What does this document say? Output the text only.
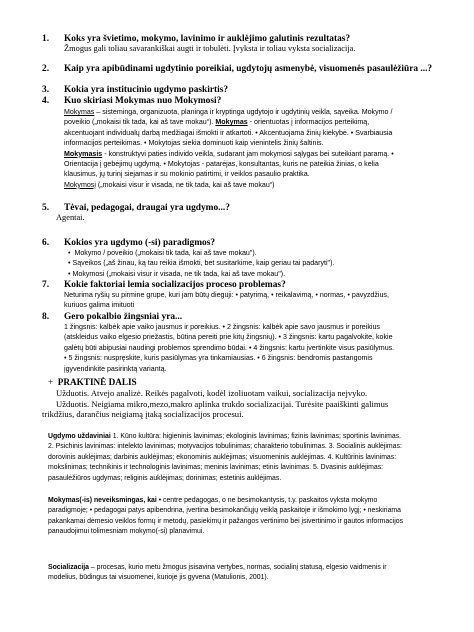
1. Koks yra švietimo, mokymo, lavinimo ir auklėjimo galutinis rezultatas?
Žmogus gali toliau savarankiškai augti ir tobulėti. Įvyksta ir toliau vyksta socializacija.
2. Kaip yra apibūdinami ugdytinio poreikiai, ugdytojų asmenybė, visuomenės pasaulėžiūra ...?
3. Kokia yra institucinio ugdymo paskirtis?
4. Kuo skiriasi Mokymas nuo Mokymosi?
Mokymas – sisteminga, organizuota, planinga ir kryptinga ugdytojo ir ugdytinių veikla, sąveika. Mokymo /
poveikio („mokaisi tik tada, kai aš tave mokau“). Mokymas - orientuotas į informacijos perteikimą,
akcentuojant individualų darbą medžiagai išmokti ir atkartoti. • Akcentuojama žinių kiekybė. • Svarbiausia
informacijos perteikimas. • Mokytojas siekia dominuoti kaip vienintelis žinių šaltinis.
Mokymasis - konstruktyvi paties individo veikla, sudarant jam mokymosi sąlygas bei suteikiant paramą. •
Orientacija į gebėjimų ugdymą. • Mokytojas - patarėjas, konsultantas, kuris ne pateikia žinias, o kelia
klausimus, jų turinį siejamas ir su mokinio patirtimi, ir veiklos pasaulio praktika.
Mokymosį („mokaisi visur ir visada, ne tik tada, kai aš tave mokau“)
5. Tėvai, pedagogai, draugai yra ugdymo...?
Agentai.
6. Kokios yra ugdymo (-si) paradigmos?
•  Mokymo / poveikio („mokaisi tik tada, kai aš tave mokau").
• Sąveikos („aš žinau, ką tau reikia išmokti, bet susitarkime, kaip geriau tai padaryti").
• Mokymosi („mokaisi visur ir visada, ne tik tada, kai aš tave mokau").
7. Kokie faktoriai lemia socializacijos proceso problemas?
Neturima ryšių su pirmine grupe, kuri jam būtų dieguji: • patyrimą, • reikalavimą, • normas, • pavyzdžius,
kuriuos galima imituoti
8. Gero pokalbio žingsniai yra...
1 žingsnis: kalbėk apie vaiko jausmus ir poreikius. • 2 žingsnis: kalbėk apie savo jausmus ir poreikius
(atskleidus vaiko elgesio priežastis, būtina pereiti prie kitų žingsnių). • 3 žingsnis: kartu pagalvokite, kokie
galėtų būti abipusiai naudingi problemos sprendimo būdai. • 4 žingsnis: kartu įvertinkite visus pasiūlymus.
• 5 žingsnis: nuspręskite, kuris pasiūlymas yra tinkamiausias. • 6 žingsnis: bendromis pastangomis
įgyvendinkite pasirinktą variantą.
+ PRAKTINĖ DALIS
Užduotis. Atvejo analizė. Reikės pagalvoti, kodėl izoliuotam vaikui, socializacija nejvyko.
Užduotis. Neigiama mikro,mezo,makro aplinka trukdo socializacijai. Turėsite paaiškinti galimus
trikdžius, darančius neigiamą įtaką socializacijos procesui.
Ugdymo uždaviniai 1. Kūno kultūra: higieninis lavinimas; ekologinis lavinimas; fizinis lavinimas; sportinis lavinimas.
2. Psichinis lavinimas: intelekto lavinimas; motyvacijos tobulinimas; charakterio tobulinimas. 3. Socialinis auklėjimas:
dorovinis auklėjimas; darbinis auklėjimas; ekonominis auklėjimas; visuomeninis auklėjimas. 4. Kultūrinis lavinimas:
mokslinimas; technikinis ir technologinis lavinimas; meninis lavinimas; etinis lavinimas. 5. Dvasinis auklėjimas:
pasaulėžiūros ugdymas; religinis auklėjimas; dorinimas; estetinis auklėjimas.
Mokymas(-is) neveiksmingas, kai • centre pedagogas, o ne besimokantysis, t.y. paskaitos vyksta mokymo
paradigmoje; • pedagogai patys apibendrina, įvertina besimokančiųjų veiklą paskaitoje ir išmokimo lygį; • neskiriama
pakankamai dėmesio veiklos formų ir metodų, pasiekimų ir pažangos vertinimo bei įsivertinimo ir gautos informacijos
panaudojimui tolimesniam mokymo(-si) planavimui.
Socializacija – procesas, kurio metu žmogus įsisavina vertybes, normas, socialinį statusą, elgesio vaidmenis ir
modelius, būdingus tai visuomenei, kurioje jis gyvena (Matulionis, 2001).
